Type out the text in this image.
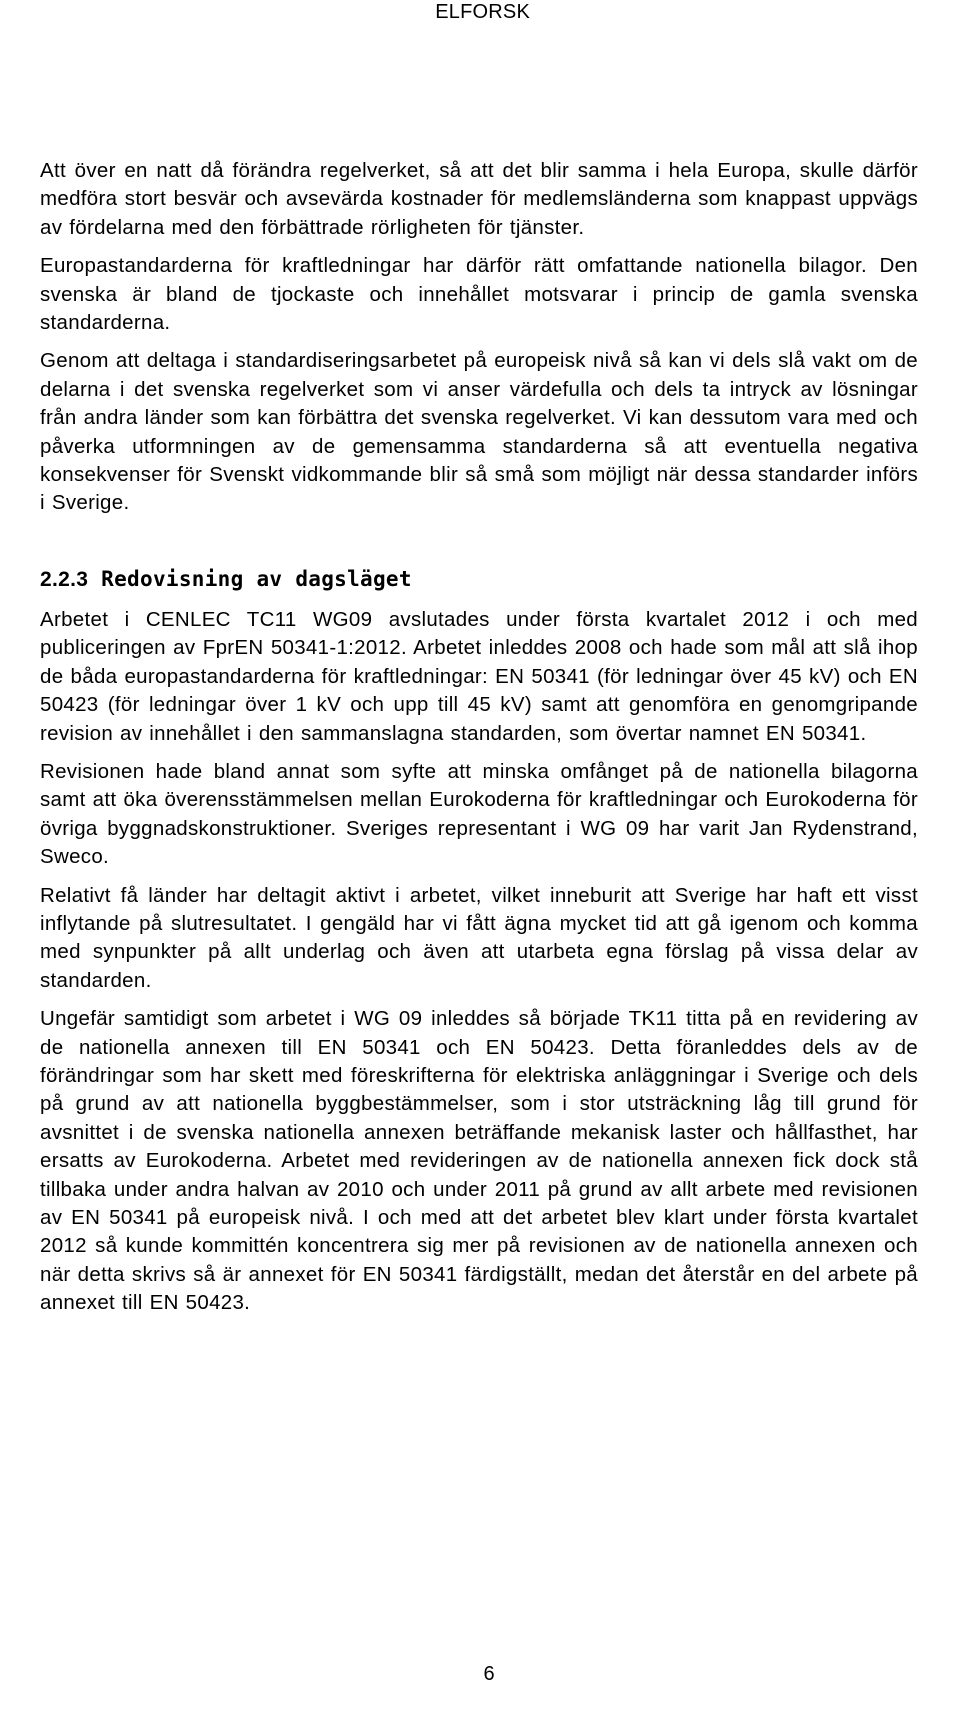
ELFORSK

Att över en natt då förändra regelverket, så att det blir samma i hela Europa, skulle därför medföra stort besvär och avsevärda kostnader för medlemsländerna som knappast uppvägs av fördelarna med den förbättrade rörligheten för tjänster.

Europastandarderna för kraftledningar har därför rätt omfattande nationella bilagor. Den svenska är bland de tjockaste och innehållet motsvarar i princip de gamla svenska standarderna.

Genom att deltaga i standardiseringsarbetet på europeisk nivå så kan vi dels slå vakt om de delarna i det svenska regelverket som vi anser värdefulla och dels ta intryck av lösningar från andra länder som kan förbättra det svenska regelverket. Vi kan dessutom vara med och påverka utformningen av de gemensamma standarderna så att eventuella negativa konsekvenser för Svenskt vidkommande blir så små som möjligt när dessa standarder införs i Sverige.

2.2.3 Redovisning av dagsläget

Arbetet i CENLEC TC11 WG09 avslutades under första kvartalet 2012 i och med publiceringen av FprEN 50341-1:2012. Arbetet inleddes 2008 och hade som mål att slå ihop de båda europastandarderna för kraftledningar: EN 50341 (för ledningar över 45 kV) och EN 50423 (för ledningar över 1 kV och upp till 45 kV) samt att genomföra en genomgripande revision av innehållet i den sammanslagna standarden, som övertar namnet EN 50341.

Revisionen hade bland annat som syfte att minska omfånget på de nationella bilagorna samt att öka överensstämmelsen mellan Eurokoderna för kraftledningar och Eurokoderna för övriga byggnadskonstruktioner. Sveriges representant i WG 09 har varit Jan Rydenstrand, Sweco.

Relativt få länder har deltagit aktivt i arbetet, vilket inneburit att Sverige har haft ett visst inflytande på slutresultatet. I gengäld har vi fått ägna mycket tid att gå igenom och komma med synpunkter på allt underlag och även att utarbeta egna förslag på vissa delar av standarden.

Ungefär samtidigt som arbetet i WG 09 inleddes så började TK11 titta på en revidering av de nationella annexen till EN 50341 och EN 50423. Detta föranleddes dels av de förändringar som har skett med föreskrifterna för elektriska anläggningar i Sverige och dels på grund av att nationella byggbestämmelser, som i stor utsträckning låg till grund för avsnittet i de svenska nationella annexen beträffande mekanisk laster och hållfasthet, har ersatts av Eurokoderna. Arbetet med revideringen av de nationella annexen fick dock stå tillbaka under andra halvan av 2010 och under 2011 på grund av allt arbete med revisionen av EN 50341 på europeisk nivå. I och med att det arbetet blev klart under första kvartalet 2012 så kunde kommittén koncentrera sig mer på revisionen av de nationella annexen och när detta skrivs så är annexet för EN 50341 färdigställt, medan det återstår en del arbete på annexet till EN 50423.

6
